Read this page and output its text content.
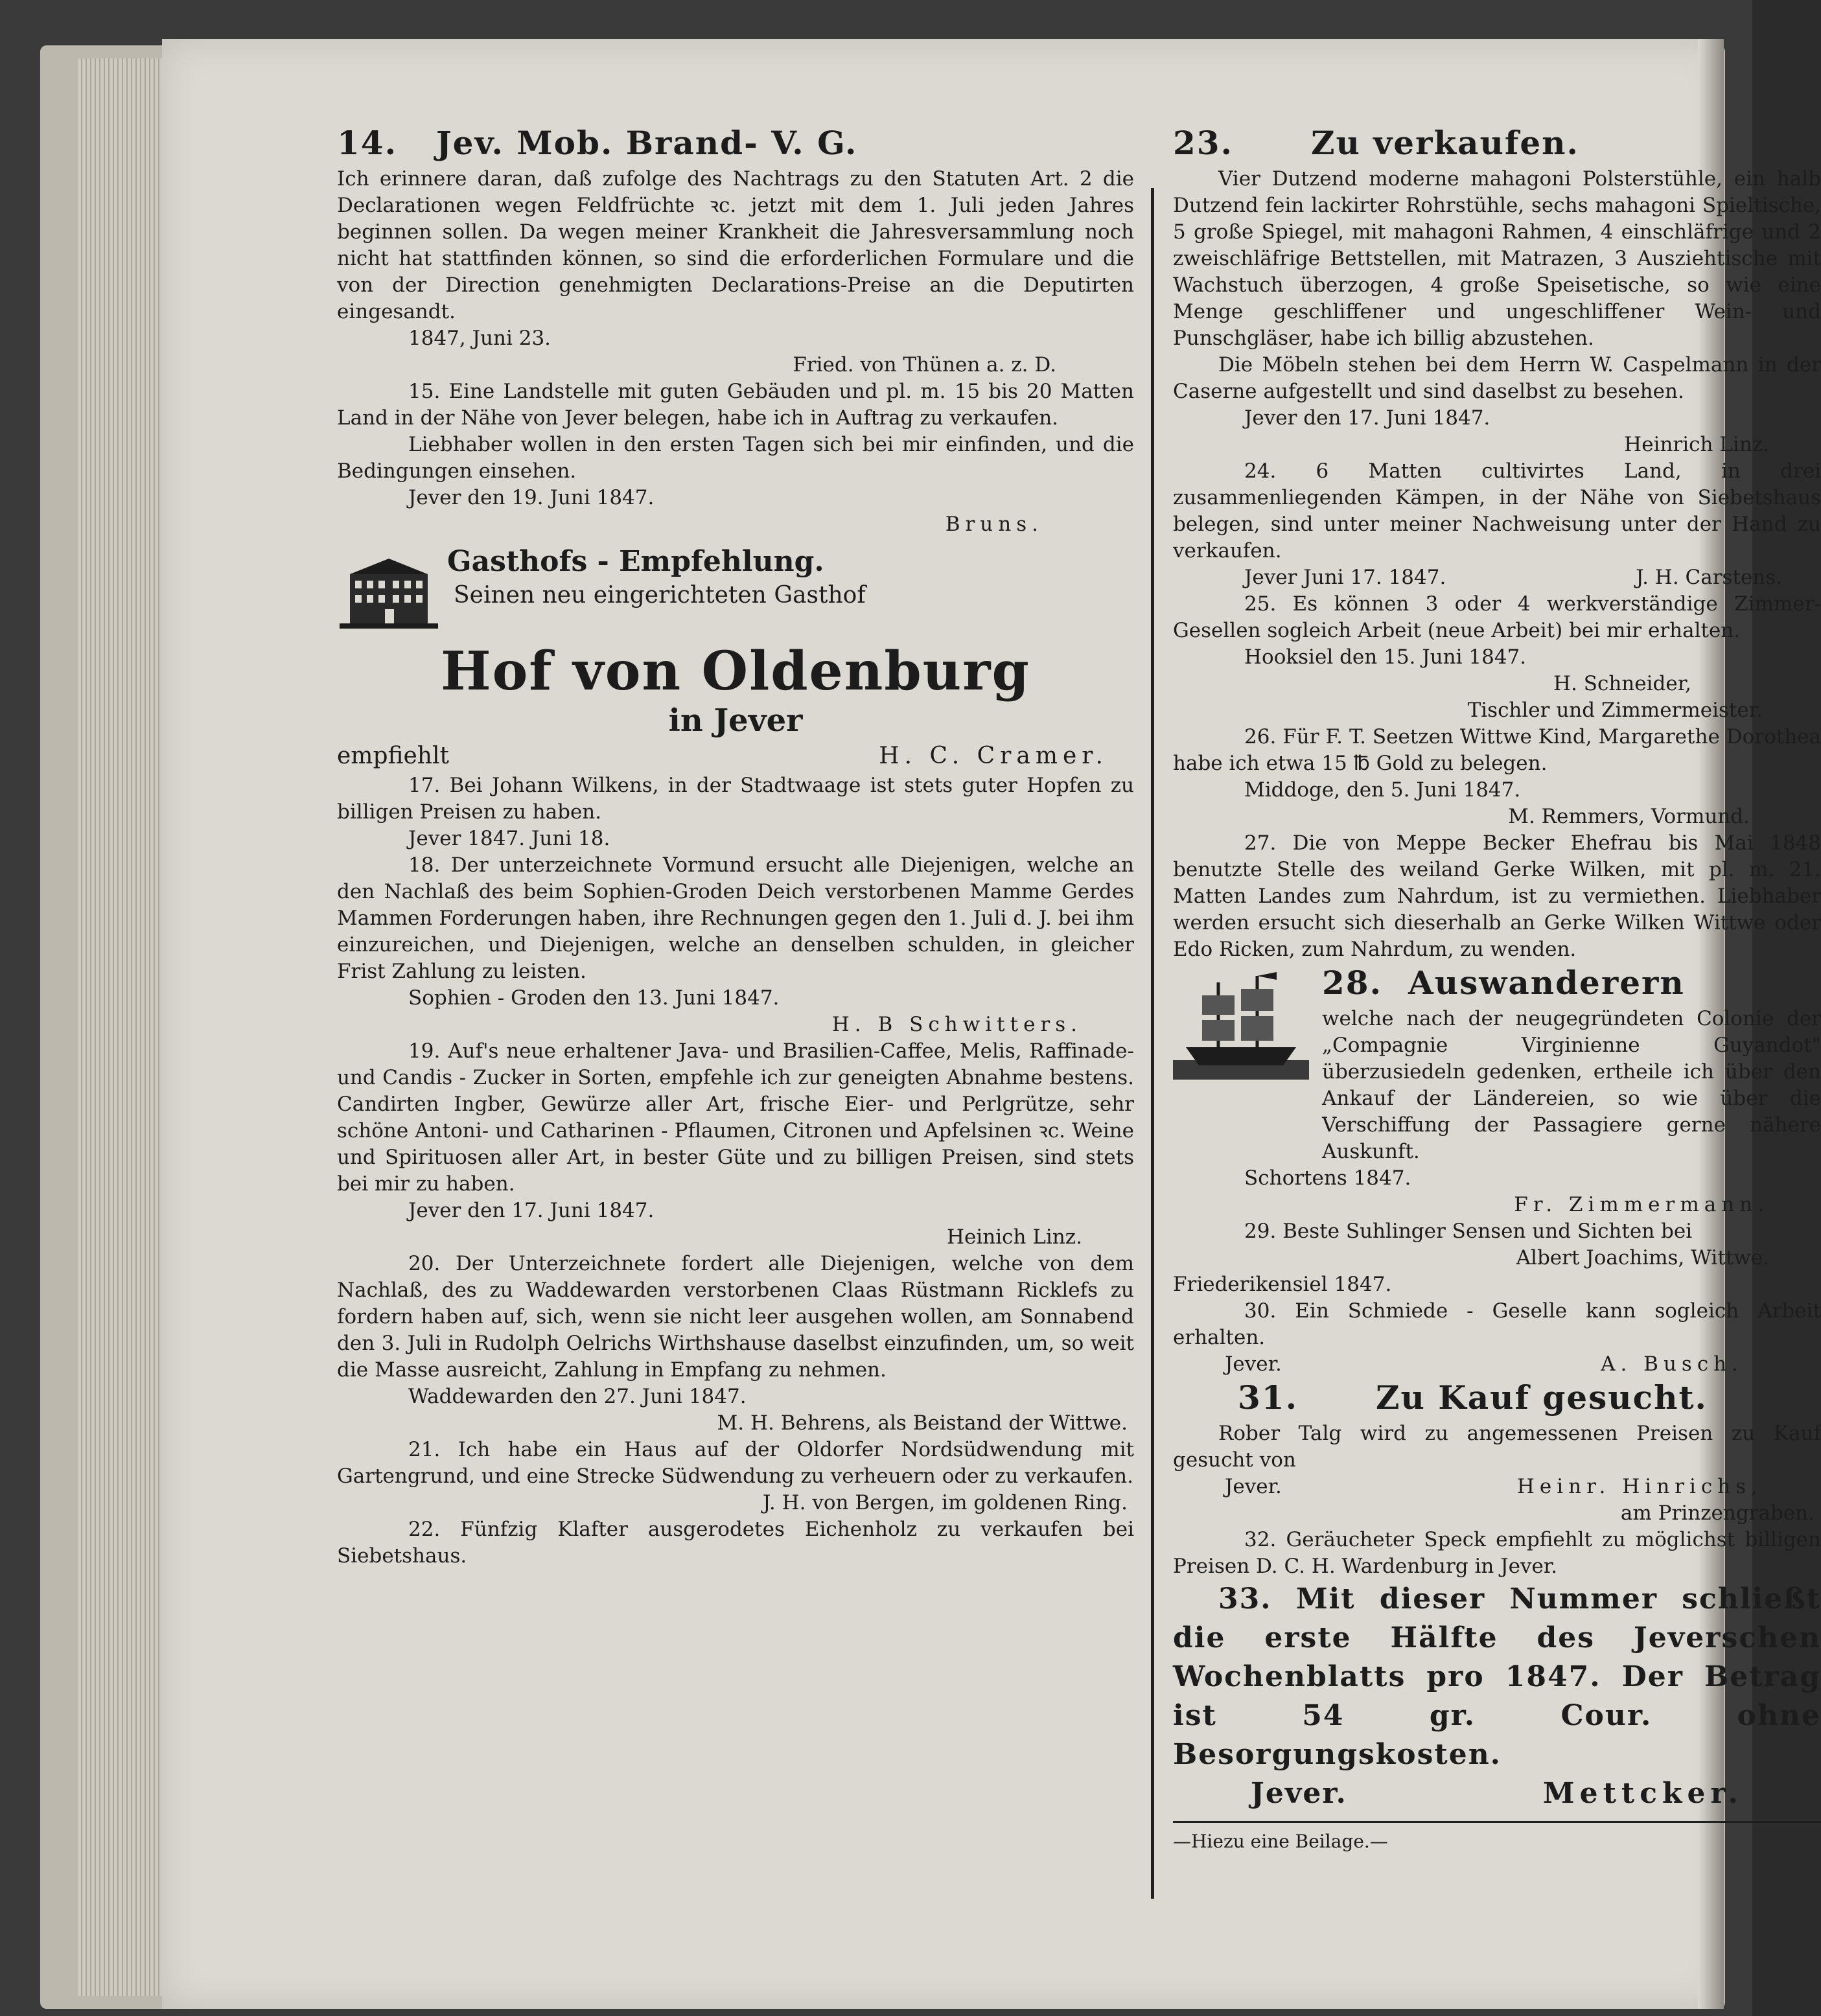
14. Jev. Mob. Brand- V. G.

Ich erinnere daran, daß zufolge des Nachtrags zu den Statuten Art. 2 die Declarationen wegen Feldfrüchte ꝛc. jetzt mit dem 1. Juli jeden Jahres beginnen sollen. Da wegen meiner Krankheit die Jahresversammlung noch nicht hat stattfinden können, so sind die erforderlichen Formulare und die von der Direction genehmigten Declarations-Preise an die Deputirten eingesandt.

1847, Juni 23.

Fried. von Thünen a. z. D.

15. Eine Landstelle mit guten Gebäuden und pl. m. 15 bis 20 Matten Land in der Nähe von Jever belegen, habe ich in Auftrag zu verkaufen.

Liebhaber wollen in den ersten Tagen sich bei mir einfinden, und die Bedingungen einsehen.

Jever den 19. Juni 1847.

Bruns.

Gasthofs - Empfehlung.
Seinen neu eingerichteten Gasthof
Hof von Oldenburg
in Jever
empfiehlt	H. C. Cramer.

17. Bei Johann Wilkens, in der Stadtwaage ist stets guter Hopfen zu billigen Preisen zu haben.

Jever 1847. Juni 18.

18. Der unterzeichnete Vormund ersucht alle Diejenigen, welche an den Nachlaß des beim Sophien-Groden Deich verstorbenen Mamme Gerdes Mammen Forderungen haben, ihre Rechnungen gegen den 1. Juli d. J. bei ihm einzureichen, und Diejenigen, welche an denselben schulden, in gleicher Frist Zahlung zu leisten.

Sophien - Groden den 13. Juni 1847.

H. B Schwitters.

19. Auf's neue erhaltener Java- und Brasilien-Caffee, Melis, Raffinade- und Candis - Zucker in Sorten, empfehle ich zur geneigten Abnahme bestens. Candirten Ingber, Gewürze aller Art, frische Eier- und Perlgrütze, sehr schöne Antoni- und Catharinen - Pflaumen, Citronen und Apfelsinen ꝛc. Weine und Spirituosen aller Art, in bester Güte und zu billigen Preisen, sind stets bei mir zu haben.

Jever den 17. Juni 1847.

Heinich Linz.

20. Der Unterzeichnete fordert alle Diejenigen, welche von dem Nachlaß, des zu Waddewarden verstorbenen Claas Rüstmann Ricklefs zu fordern haben auf, sich, wenn sie nicht leer ausgehen wollen, am Sonnabend den 3. Juli in Rudolph Oelrichs Wirthshause daselbst einzufinden, um, so weit die Masse ausreicht, Zahlung in Empfang zu nehmen.

Waddewarden den 27. Juni 1847.

M. H. Behrens, als Beistand der Wittwe.

21. Ich habe ein Haus auf der Oldorfer Nordsüdwendung mit Gartengrund, und eine Strecke Südwendung zu verheuern oder zu verkaufen.

J. H. von Bergen, im goldenen Ring.

22. Fünfzig Klafter ausgerodetes Eichenholz zu verkaufen bei Siebetshaus.

23. Zu verkaufen.

Vier Dutzend moderne mahagoni Polsterstühle, ein halb Dutzend fein lackirter Rohrstühle, sechs mahagoni Spieltische, 5 große Spiegel, mit mahagoni Rahmen, 4 einschläfrige und 2 zweischläfrige Bettstellen, mit Matrazen, 3 Ausziehtische mit Wachstuch überzogen, 4 große Speisetische, so wie eine Menge geschliffener und ungeschliffener Wein- und Punschgläser, habe ich billig abzustehen.

Die Möbeln stehen bei dem Herrn W. Caspelmann in der Caserne aufgestellt und sind daselbst zu besehen.

Jever den 17. Juni 1847.

Heinrich Linz.

24. 6 Matten cultivirtes Land, in drei zusammenliegenden Kämpen, in der Nähe von Siebetshaus belegen, sind unter meiner Nachweisung unter der Hand zu verkaufen.

Jever Juni 17. 1847.	J. H. Carstens.

25. Es können 3 oder 4 werkverständige Zimmer-Gesellen sogleich Arbeit (neue Arbeit) bei mir erhalten.

Hooksiel den 15. Juni 1847.

H. Schneider,

Tischler und Zimmermeister.

26. Für F. T. Seetzen Wittwe Kind, Margarethe Dorothea habe ich etwa 15 ℔ Gold zu belegen.

Middoge, den 5. Juni 1847.

M. Remmers, Vormund.

27. Die von Meppe Becker Ehefrau bis Mai 1848 benutzte Stelle des weiland Gerke Wilken, mit pl. m. 21. Matten Landes zum Nahrdum, ist zu vermiethen. Liebhaber werden ersucht sich dieserhalb an Gerke Wilken Wittwe oder Edo Ricken, zum Nahrdum, zu wenden.

28. Auswanderern

welche nach der neugegründeten Colonie der „Compagnie Virginienne Guyandot" überzusiedeln gedenken, ertheile ich über den Ankauf der Ländereien, so wie über die Verschiffung der Passagiere gerne nähere Auskunft.

Schortens 1847.

Fr. Zimmermann.

29. Beste Suhlinger Sensen und Sichten bei

Albert Joachims, Wittwe.

Friederikensiel 1847.

30. Ein Schmiede - Geselle kann sogleich Arbeit erhalten.

Jever.	A. Busch.
31. Zu Kauf gesucht.

Rober Talg wird zu angemessenen Preisen zu Kauf gesucht von

Jever.	Heinr. Hinrichs,

am Prinzengraben.

32. Geräucheter Speck empfiehlt zu möglichst billigen Preisen D. C. H. Wardenburg in Jever.

33. Mit dieser Nummer schließt die erste Hälfte des Jeverschen Wochenblatts pro 1847. Der Betrag ist 54 gr. Cour. ohne Besorgungskosten.

Jever.	Mettcker.

—Hiezu eine Beilage.—
